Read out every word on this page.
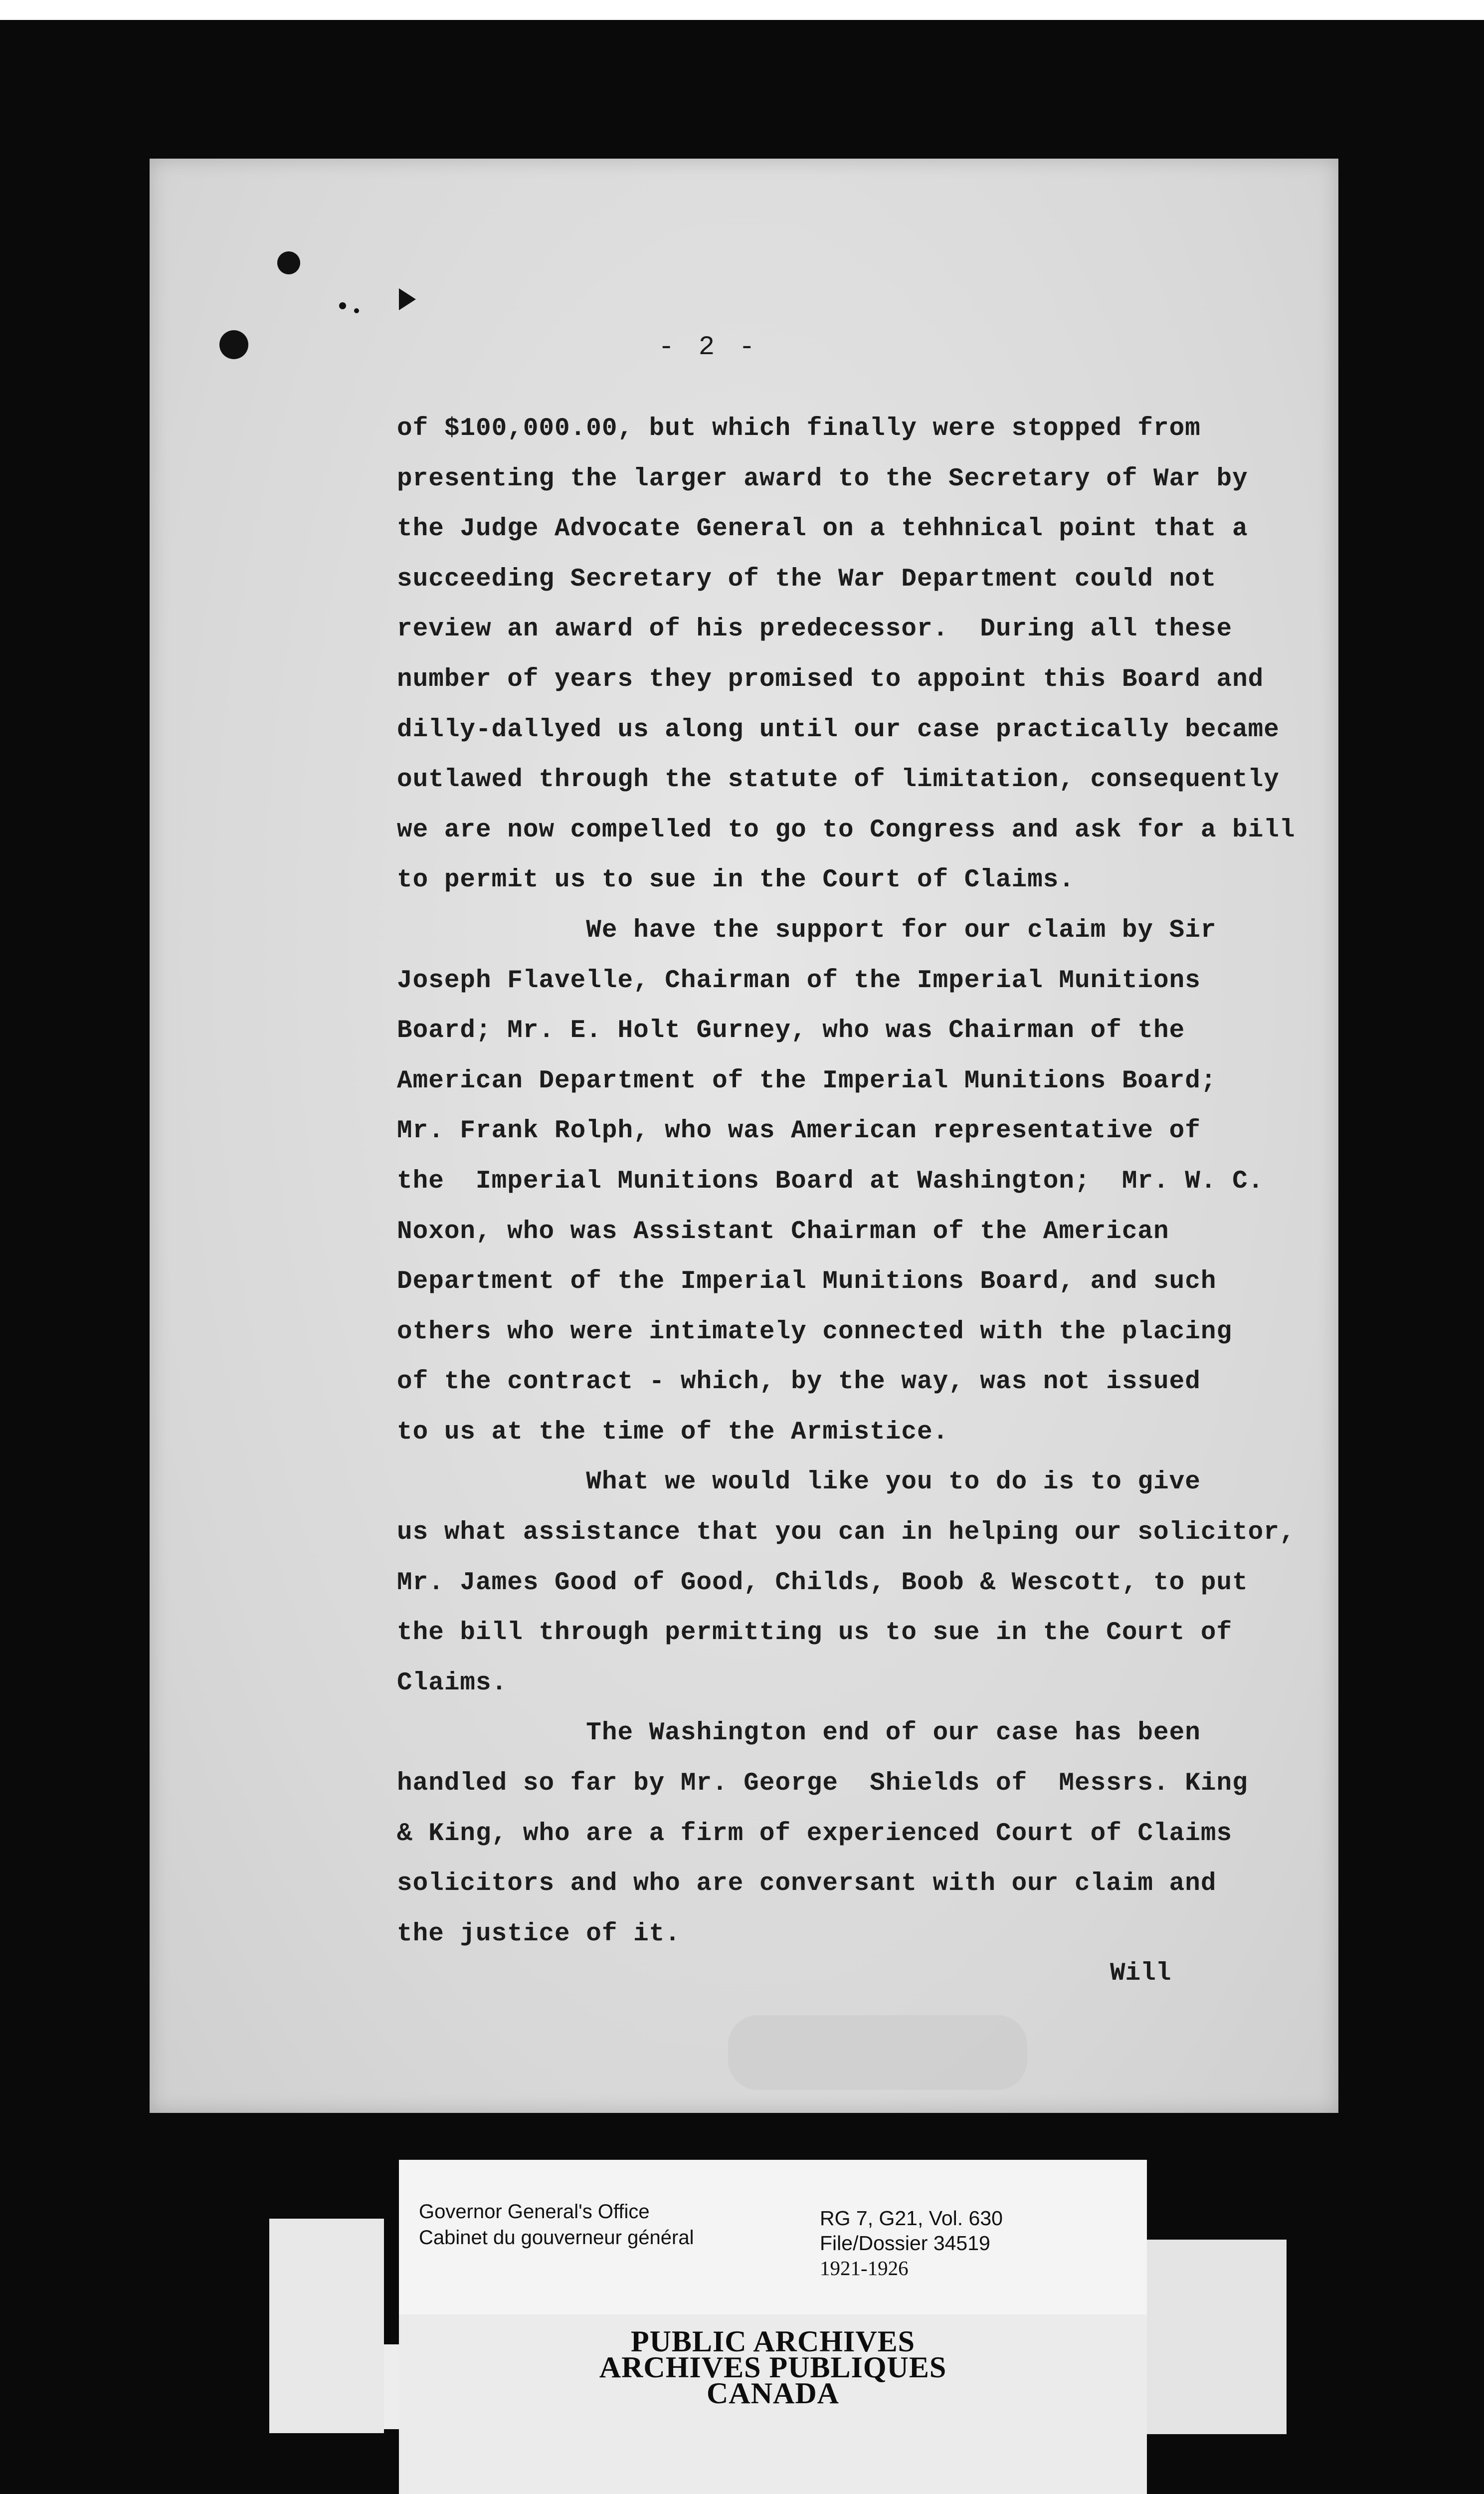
- 2 -
of $100,000.00, but which finally were stopped from
presenting the larger award to the Secretary of War by
the Judge Advocate General on a tehhnical point that a
succeeding Secretary of the War Department could not
review an award of his predecessor.  During all these
number of years they promised to appoint this Board and
dilly-dallyed us along until our case practically became
outlawed through the statute of limitation, consequently
we are now compelled to go to Congress and ask for a bill
to permit us to sue in the Court of Claims.
We have the support for our claim by Sir
Joseph Flavelle, Chairman of the Imperial Munitions
Board; Mr. E. Holt Gurney, who was Chairman of the
American Department of the Imperial Munitions Board;
Mr. Frank Rolph, who was American representative of
the  Imperial Munitions Board at Washington;  Mr. W. C.
Noxon, who was Assistant Chairman of the American
Department of the Imperial Munitions Board, and such
others who were intimately connected with the placing
of the contract - which, by the way, was not issued
to us at the time of the Armistice.
What we would like you to do is to give
us what assistance that you can in helping our solicitor,
Mr. James Good of Good, Childs, Boob & Wescott, to put
the bill through permitting us to sue in the Court of
Claims.
The Washington end of our case has been
handled so far by Mr. George  Shields of  Messrs. King
& King, who are a firm of experienced Court of Claims
solicitors and who are conversant with our claim and
the justice of it.
Will
Governor General's Office
Cabinet du gouverneur général
RG 7, G21, Vol. 630
File/Dossier 34519
1921-1926
PUBLIC ARCHIVES
ARCHIVES PUBLIQUES
CANADA
